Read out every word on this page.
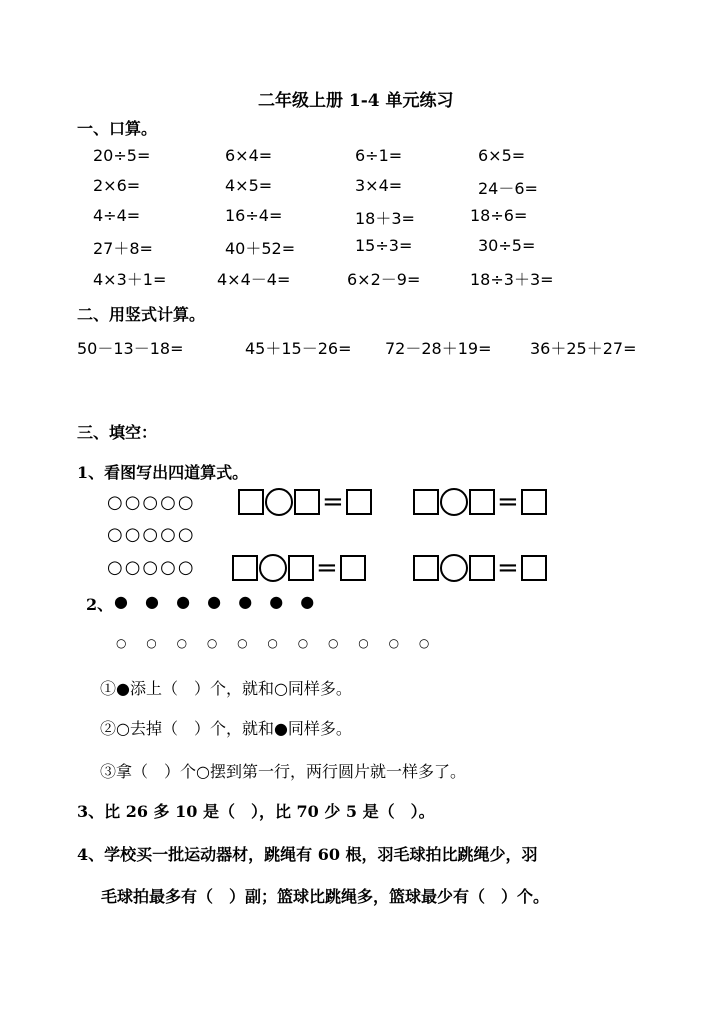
二年级上册 1-4 单元练习
一、口算。
20÷5=	6×4=	6÷1=	6×5=
2×6=	4×5=	3×4=	24－6=
4÷4=	16÷4=	18＋3=	18÷6=
27＋8=	40＋52=	15÷3=	30÷5=
4×3＋1=	4×4－4=	6×2－9=	18÷3＋3=
二、用竖式计算。
50－13－18=	45＋15－26= 72－28＋19= 36＋25＋27=
三、填空：
1、看图写出四道算式。
○○○○○
○○○○○
○○○○○
=	=
=	=
2、 ● ● ● ● ● ● ●
○ ○ ○ ○ ○ ○ ○ ○ ○ ○ ○
①●添上（　）个，就和○同样多。
②○去掉（　）个，就和●同样多。
③拿（　）个○摆到第一行，两行圆片就一样多了。
3、比 26 多 10 是（　），比 70 少 5 是（　）。
4、学校买一批运动器材，跳绳有 60 根，羽毛球拍比跳绳少，羽
毛球拍最多有（　）副；篮球比跳绳多，篮球最少有（　）个。
